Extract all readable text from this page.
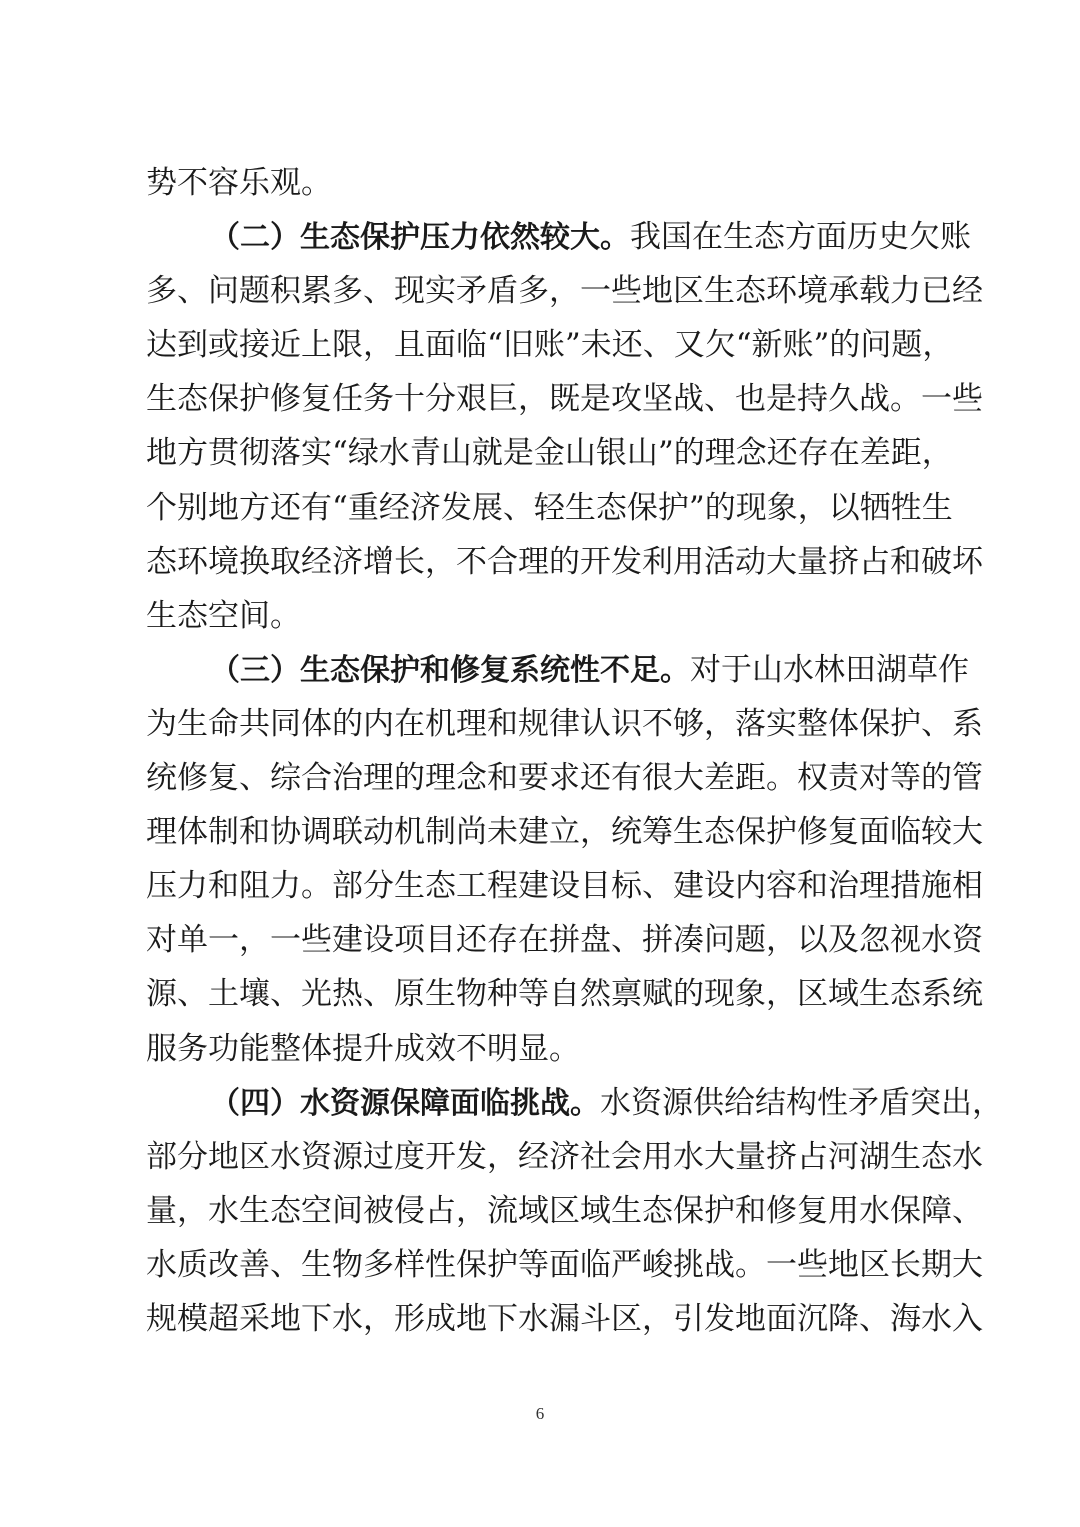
势不容乐观。
（二）生态保护压力依然较大。我国在生态方面历史欠账
多、问题积累多、现实矛盾多，一些地区生态环境承载力已经
达到或接近上限，且面临“旧账”未还、又欠“新账”的问题，
生态保护修复任务十分艰巨，既是攻坚战、也是持久战。一些
地方贯彻落实“绿水青山就是金山银山”的理念还存在差距，
个别地方还有“重经济发展、轻生态保护”的现象，以牺牲生
态环境换取经济增长，不合理的开发利用活动大量挤占和破坏
生态空间。
（三）生态保护和修复系统性不足。对于山水林田湖草作
为生命共同体的内在机理和规律认识不够，落实整体保护、系
统修复、综合治理的理念和要求还有很大差距。权责对等的管
理体制和协调联动机制尚未建立，统筹生态保护修复面临较大
压力和阻力。部分生态工程建设目标、建设内容和治理措施相
对单一，一些建设项目还存在拼盘、拼凑问题，以及忽视水资
源、土壤、光热、原生物种等自然禀赋的现象，区域生态系统
服务功能整体提升成效不明显。
（四）水资源保障面临挑战。水资源供给结构性矛盾突出，
部分地区水资源过度开发，经济社会用水大量挤占河湖生态水
量，水生态空间被侵占，流域区域生态保护和修复用水保障、
水质改善、生物多样性保护等面临严峻挑战。一些地区长期大
规模超采地下水，形成地下水漏斗区，引发地面沉降、海水入
6
